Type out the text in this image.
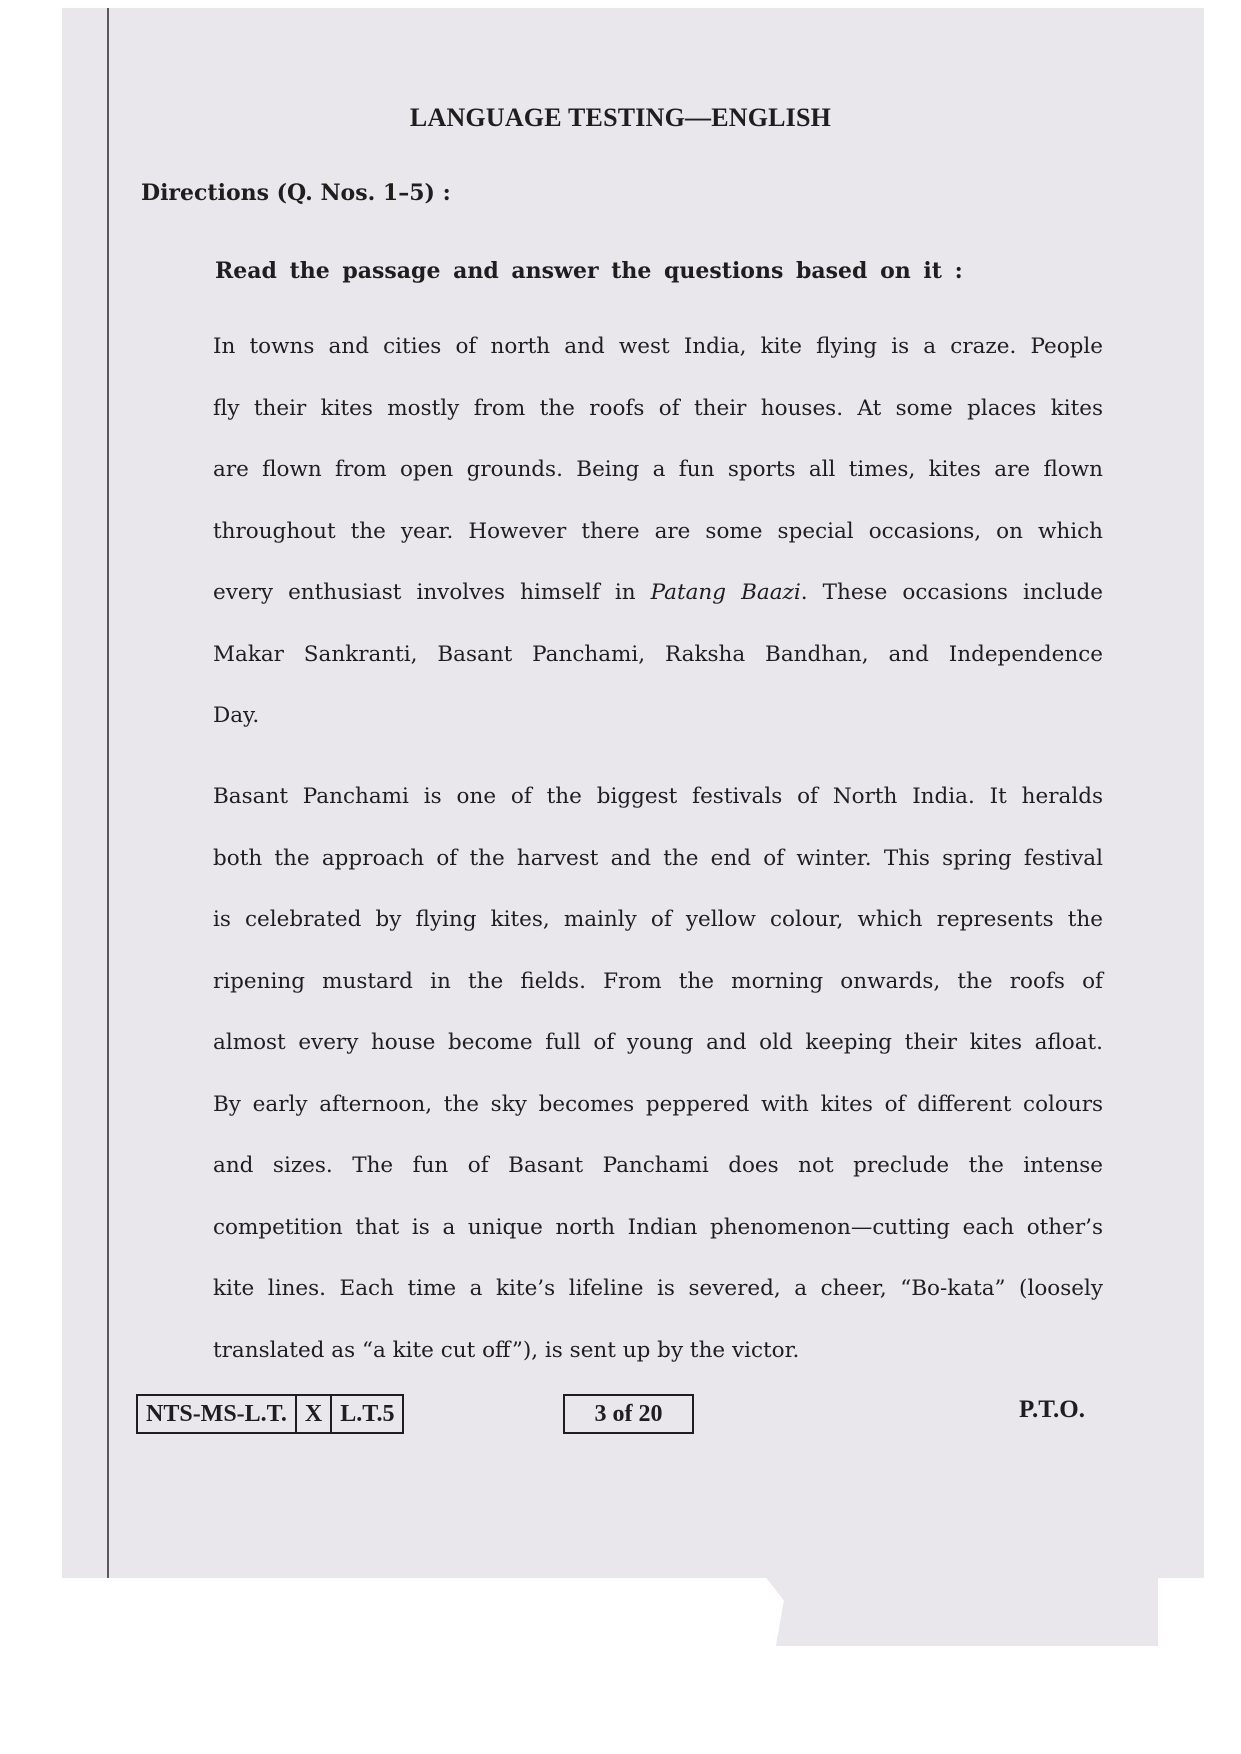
LANGUAGE TESTING—ENGLISH
Directions (Q. Nos. 1–5) :
Read the passage and answer the questions based on it :
In towns and cities of north and west India, kite flying is a craze. People
fly their kites mostly from the roofs of their houses. At some places kites
are flown from open grounds. Being a fun sports all times, kites are flown
throughout the year. However there are some special occasions, on which
every enthusiast involves himself in Patang Baazi. These occasions include
Makar Sankranti, Basant Panchami, Raksha Bandhan, and Independence
Day.
Basant Panchami is one of the biggest festivals of North India. It heralds
both the approach of the harvest and the end of winter. This spring festival
is celebrated by flying kites, mainly of yellow colour, which represents the
ripening mustard in the fields. From the morning onwards, the roofs of
almost every house become full of young and old keeping their kites afloat.
By early afternoon, the sky becomes peppered with kites of different colours
and sizes. The fun of Basant Panchami does not preclude the intense
competition that is a unique north Indian phenomenon—cutting each other’s
kite lines. Each time a kite’s lifeline is severed, a cheer, “Bo-kata” (loosely
translated as “a kite cut off”), is sent up by the victor.
NTS-MS-L.T. X L.T.5	3 of 20	P.T.O.
